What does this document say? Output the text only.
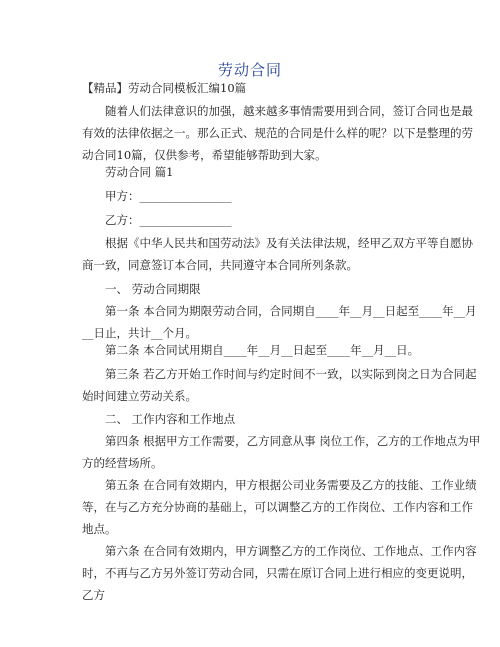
劳动合同
【精品】劳动合同模板汇编10篇
随着人们法律意识的加强，越来越多事情需要用到合同，签订合同也是最有效的法律依据之一。那么正式、规范的合同是什么样的呢？以下是整理的劳动合同10篇，仅供参考，希望能够帮助到大家。
劳动合同 篇1
甲方：________________
乙方：________________
根据《中华人民共和国劳动法》及有关法律法规，经甲乙双方平等自愿协商一致，同意签订本合同，共同遵守本合同所列条款。
一、 劳动合同期限
第一条 本合同为期限劳动合同，合同期自____年__月__日起至____年__月__日止，共计__个月。
第二条 本合同试用期自____年__月__日起至____年__月__日。
第三条 若乙方开始工作时间与约定时间不一致，以实际到岗之日为合同起始时间建立劳动关系。
二、 工作内容和工作地点
第四条 根据甲方工作需要，乙方同意从事 岗位工作，乙方的工作地点为甲方的经营场所。
第五条 在合同有效期内，甲方根据公司业务需要及乙方的技能、工作业绩等，在与乙方充分协商的基础上，可以调整乙方的工作岗位、工作内容和工作地点。
第六条 在合同有效期内，甲方调整乙方的工作岗位、工作地点、工作内容时，不再与乙方另外签订劳动合同，只需在原订合同上进行相应的变更说明，乙方
